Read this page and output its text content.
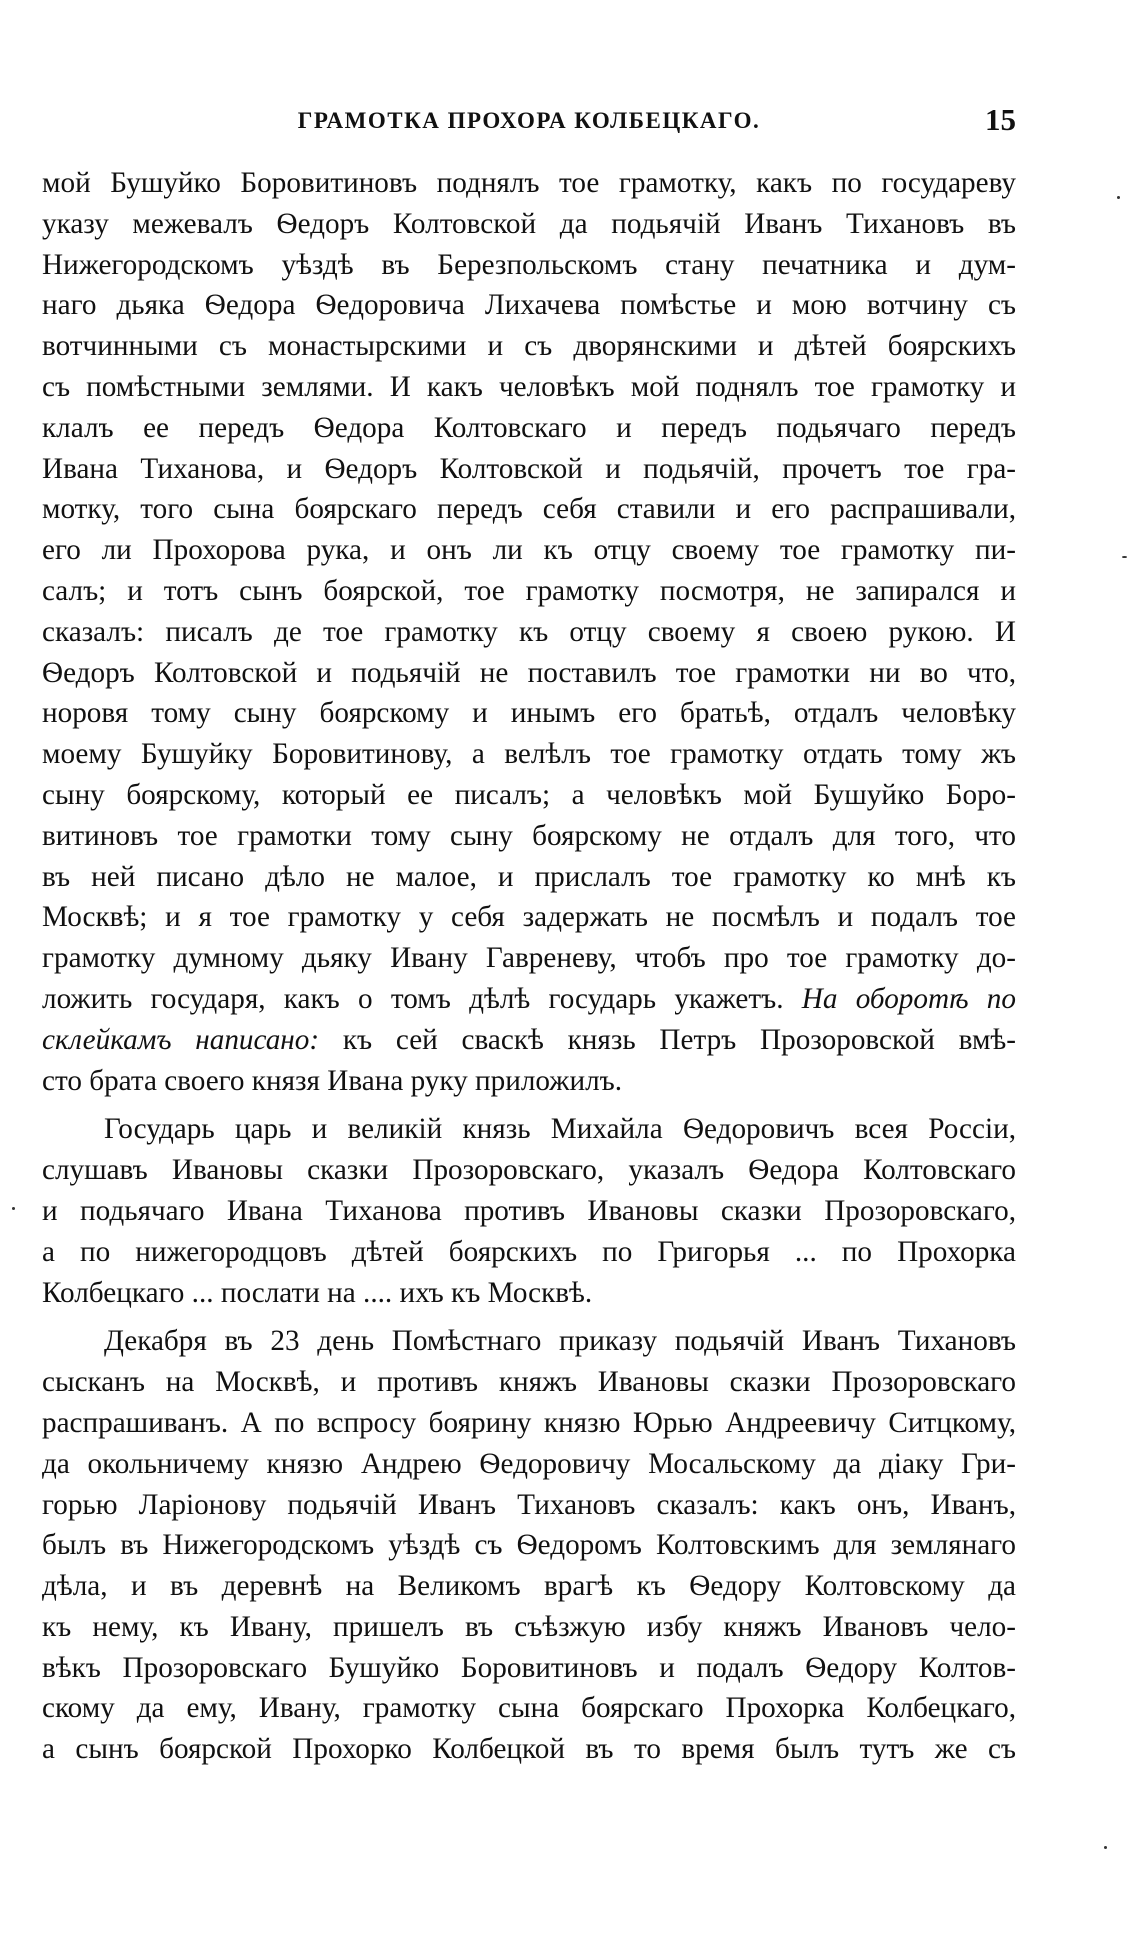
ГРАМОТКА ПРОХОРА КОЛБЕЦКАГО.	15
мой Бушуйко Боровитиновъ поднялъ тое грамотку, какъ по государеву
указу межевалъ Ѳедоръ Колтовской да подьячій Иванъ Тихановъ въ
Нижегородскомъ уѣздѣ въ Березпольскомъ стану печатника и дум-
наго дьяка Ѳедора Ѳедоровича Лихачева помѣстье и мою вотчину съ
вотчинными съ монастырскими и съ дворянскими и дѣтей боярскихъ
съ помѣстными землями. И какъ человѣкъ мой поднялъ тое грамотку и
клалъ ее передъ Ѳедора Колтовскаго и передъ подьячаго передъ
Ивана Тиханова, и Ѳедоръ Колтовской и подьячій, прочетъ тое гра-
мотку, того сына боярскаго передъ себя ставили и его распрашивали,
его ли Прохорова рука, и онъ ли къ отцу своему тое грамотку пи-
салъ; и тотъ сынъ боярской, тое грамотку посмотря, не запирался и
сказалъ: писалъ де тое грамотку къ отцу своему я своею рукою. И
Ѳедоръ Колтовской и подьячій не поставилъ тое грамотки ни во что,
норовя тому сыну боярскому и инымъ его братьѣ, отдалъ человѣку
моему Бушуйку Боровитинову, а велѣлъ тое грамотку отдать тому жъ
сыну боярскому, который ее писалъ; а человѣкъ мой Бушуйко Боро-
витиновъ тое грамотки тому сыну боярскому не отдалъ для того, что
въ ней писано дѣло не малое, и прислалъ тое грамотку ко мнѣ къ
Москвѣ; и я тое грамотку у себя задержать не посмѣлъ и подалъ тое
грамотку думному дьяку Ивану Гавреневу, чтобъ про тое грамотку до-
ложить государя, какъ о томъ дѣлѣ государь укажетъ. На оборотѣ по
склейкамъ написано: къ сей сваскѣ князь Петръ Прозоровской вмѣ-
сто брата своего князя Ивана руку приложилъ.
Государь царь и великій князь Михайла Ѳедоровичъ всея Россіи,
слушавъ Ивановы сказки Прозоровскаго, указалъ Ѳедора Колтовскаго
и подьячаго Ивана Тиханова противъ Ивановы сказки Прозоровскаго,
а по нижегородцовъ дѣтей боярскихъ по Григорья ... по Прохорка
Колбецкаго ... послати на .... ихъ къ Москвѣ.
Декабря въ 23 день Помѣстнаго приказу подьячій Иванъ Тихановъ
сысканъ на Москвѣ, и противъ княжъ Ивановы сказки Прозоровскаго
распрашиванъ. А по вспросу боярину князю Юрью Андреевичу Ситцкому,
да окольничему князю Андрею Ѳедоровичу Мосальскому да діаку Гри-
горью Ларіонову подьячій Иванъ Тихановъ сказалъ: какъ онъ, Иванъ,
былъ въ Нижегородскомъ уѣздѣ съ Ѳедоромъ Колтовскимъ для землянаго
дѣла, и въ деревнѣ на Великомъ врагѣ къ Ѳедору Колтовскому да
къ нему, къ Ивану, пришелъ въ съѣзжую избу княжъ Ивановъ чело-
вѣкъ Прозоровскаго Бушуйко Боровитиновъ и подалъ Ѳедору Колтов-
скому да ему, Ивану, грамотку сына боярскаго Прохорка Колбецкаго,
а сынъ боярской Прохорко Колбецкой въ то время былъ тутъ же съ
